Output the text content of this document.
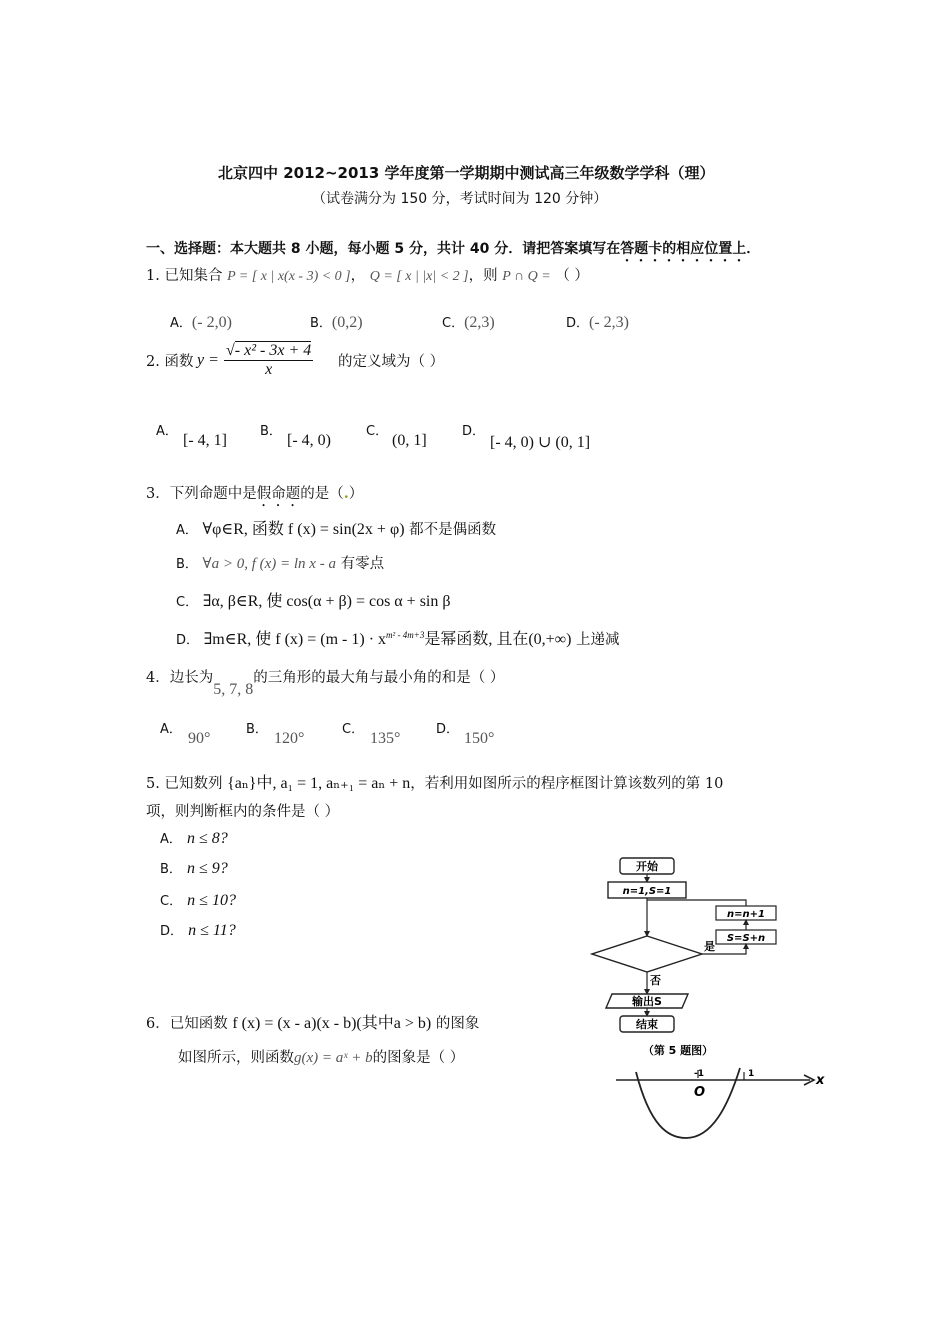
北京四中 2012~2013 学年度第一学期期中测试高三年级数学学科（理）
（试卷满分为 150 分，考试时间为 120 分钟）
一、选择题：本大题共 8 小题，每小题 5 分，共计 40 分．请把答案填写在答题卡的相应位置上．
1. 已知集合 P = [ x | x(x - 3) < 0 ]， Q = [ x | |x| < 2 ]，则 P ∩ Q = （ ）
A．(- 2,0)	B．(0,2)	C．(2,3)	D．(- 2,3)
2. 函数 $y = \frac{\text{√- x² - 3x + 4}}{x}$ 的定义域为（ ）
A．
[- 4, 1]
B．
[- 4, 0)
C．
(0, 1]
D．
[- 4, 0) ∪ (0, 1]
3．下列命题中是假命题的是（.）
A． ∀φ∈R, 函数 f (x) = sin(2x + φ) 都不是偶函数
B． ∀a > 0, f (x) = ln x - a 有零点
C． ∃α, β∈R, 使 cos(α + β) = cos α + sin β
D． ∃m∈R, 使 f $(x) = (m - 1) \cdot x^{m^2 - 4m+3}$是幂函数, 且在(0,+∞) 上递减
4．边长为5, 7, 8的三角形的最大角与最小角的和是（ ）
A．
90°
B．
120°
C．
135°
D．
150°
5. 已知数列 {aₙ}中, a₁ = 1, aₙ₊₁ = aₙ + n，若利用如图所示的程序框图计算该数列的第 10
项，则判断框内的条件是（ ）
A． n ≤ 8?
B． n ≤ 9?
C． n ≤ 10?
D． n ≤ 11?
开始
n=1,S=1
n=n+1
S=S+n
是
否
输出S
结束
（第 5 题图）
6．已知函数 f (x) = (x - a)(x - b)(其中a > b) 的图象
如图所示，则函数g(x) = aˣ + b的图象是（ ）
x
-1	1
O
